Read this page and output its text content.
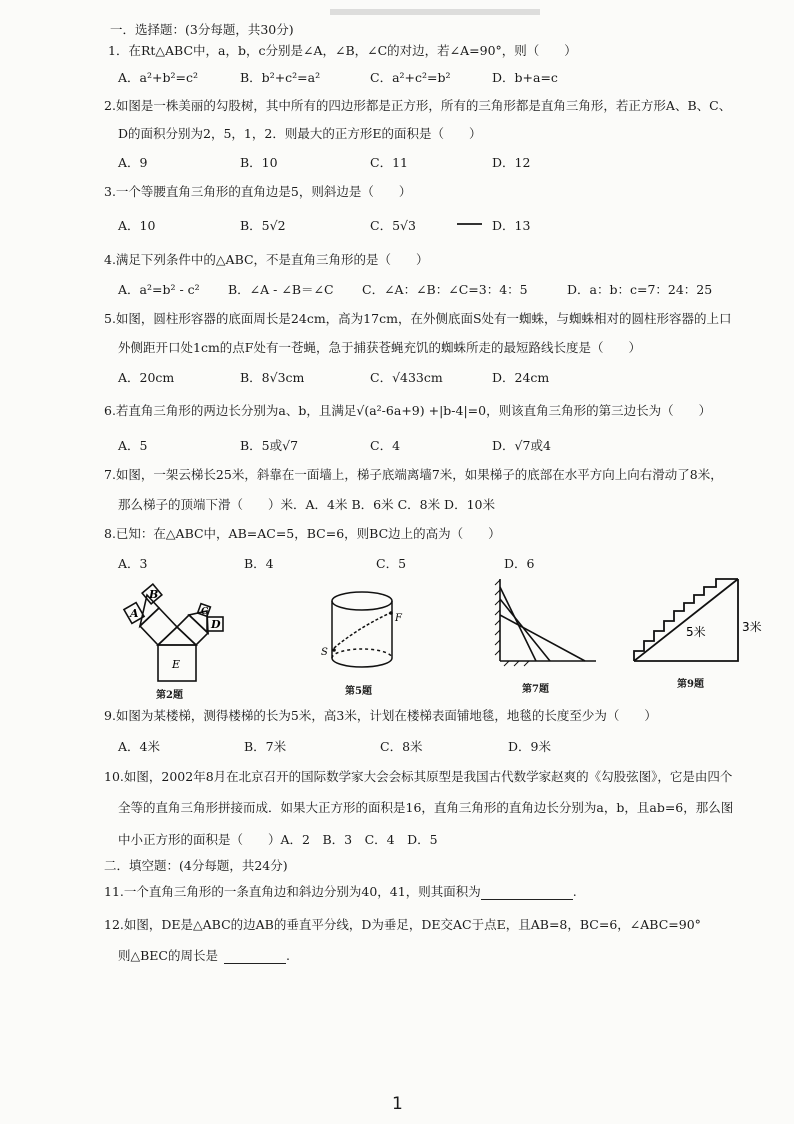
一．选择题：(3分每题，共30分)
1．在Rt△ABC中，a，b，c分别是∠A，∠B，∠C的对边，若∠A=90°，则（　　）
A．a²+b²=c²	B．b²+c²=a²	C．a²+c²=b²	D．b+a=c
2.如图是一株美丽的勾股树，其中所有的四边形都是正方形，所有的三角形都是直角三角形，若正方形A、B、C、
D的面积分别为2，5，1，2．则最大的正方形E的面积是（　　）
A．9	B．10	C．11	D．12
3.一个等腰直角三角形的直角边是5，则斜边是（　　）
A．10	B．5√2	C．5√3	D．13
4.满足下列条件中的△ABC，不是直角三角形的是（　　）
A．a²=b² - c² B．∠A - ∠B＝∠C C．∠A：∠B：∠C=3：4：5	D．a：b：c=7：24：25
5.如图，圆柱形容器的底面周长是24cm，高为17cm，在外侧底面S处有一蜘蛛，与蜘蛛相对的圆柱形容器的上口
外侧距开口处1cm的点F处有一苍蝇，急于捕获苍蝇充饥的蜘蛛所走的最短路线长度是（　　）
A．20cm	B．8√3cm	C．√433cm	D．24cm
6.若直角三角形的两边长分别为a、b，且满足√(a²-6a+9) +|b-4|=0，则该直角三角形的第三边长为（　　）
A．5	B．5或√7	C．4	D．√7或4
7.如图，一架云梯长25米，斜靠在一面墙上，梯子底端离墙7米，如果梯子的底部在水平方向上向右滑动了8米，
那么梯子的顶端下滑（　　）米．A．4米 B．6米 C．8米 D．10米
8.已知：在△ABC中，AB=AC=5，BC=6，则BC边上的高为（　　）
A．3	B．4	C．5	D．6
A
B
C
D
E
第2题
F
S
第5题	第7题
5米	3米
第9题
9.如图为某楼梯，测得楼梯的长为5米，高3米，计划在楼梯表面铺地毯，地毯的长度至少为（　　）
A．4米	B．7米	C．8米	D．9米
10.如图，2002年8月在北京召开的国际数学家大会会标其原型是我国古代数学家赵爽的《勾股弦图》，它是由四个
全等的直角三角形拼接而成．如果大正方形的面积是16，直角三角形的直角边长分别为a，b，且ab=6，那么图
中小正方形的面积是（　　）A．2　B．3　C．4　D．5
二．填空题：(4分每题，共24分)
11.一个直角三角形的一条直角边和斜边分别为40，41，则其面积为	.
12.如图，DE是△ABC的边AB的垂直平分线，D为垂足，DE交AC于点E，且AB=8，BC=6，∠ABC=90°
则△BEC的周长是	.
1
